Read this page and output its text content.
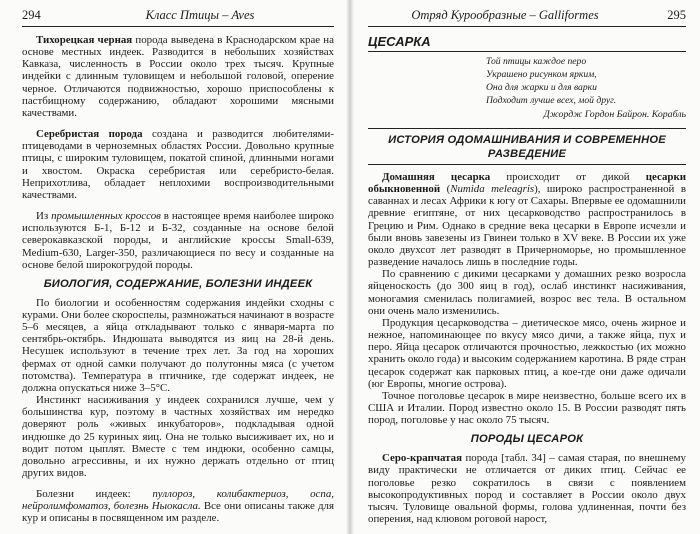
294	Класс Птицы – Aves

Тихорецкая черная порода выведена в Краснодарском крае на основе местных индеек. Разводится в небольших хозяйствах Кавказа, численность в России около трех тысяч. Крупные индейки с длинным туловищем и небольшой головой, оперение черное. Отличаются подвижностью, хорошо приспособлены к пастбищному содержанию, обладают хорошими мясными качествами.

Серебристая порода создана и разводится любителями-птицеводами в черноземных областях России. Довольно крупные птицы, с широким туловищем, покатой спиной, длинными ногами и хвостом. Окраска серебристая или серебристо-белая. Неприхотлива, обладает неплохими воспроизводительными качествами.

Из промышленных кроссов в настоящее время наиболее широко используются Б-1, Б-12 и Б-32, созданные на основе белой северокавказской породы, и английские кроссы Small-639, Medium-630, Larger-350, различающиеся по весу и созданные на основе белой широкогрудой породы.

БИОЛОГИЯ, СОДЕРЖАНИЕ, БОЛЕЗНИ ИНДЕЕК

По биологии и особенностям содержания индейки сходны с курами. Они более скороспелы, размножаться начинают в возрасте 5–6 месяцев, а яйца откладывают только с января-марта по сентябрь-октябрь. Индюшата выводятся из яиц на 28-й день. Несушек используют в течение трех лет. За год на хороших фермах от одной самки получают до полутонны мяса (с учетом потомства). Температура в птичнике, где содержат индеек, не должна опускаться ниже 3–5°С.

Инстинкт насиживания у индеек сохранился лучше, чем у большинства кур, поэтому в частных хозяйствах им нередко доверяют роль «живых инкубаторов», подкладывая одной индюшке до 25 куриных яиц. Она не только высиживает их, но и водит потом цыплят. Вместе с тем индюки, особенно самцы, довольно агрессивны, и их нужно держать отдельно от птиц других видов.

Болезни индеек: пуллороз, колибактериоз, оспа, нейролимфоматоз, болезнь Ныокасла. Все они описаны также для кур и описаны в посвященном им разделе.

Отряд Курообразные – Galliformes	295
ЦЕСАРКА
Той птицы каждое перо
Украшено рисунком ярким,
Она для жарки и для варки
Подходит лучше всех, мой друг.
Джордж Гордон Байрон. Корабль
ИСТОРИЯ ОДОМАШНИВАНИЯ И СОВРЕМЕННОЕ РАЗВЕДЕНИЕ

Домашняя цесарка происходит от дикой цесарки обыкновенной (Numida meleagris), широко распространенной в саваннах и лесах Африки к югу от Сахары. Впервые ее одомашнили древние египтяне, от них цесарководство распространилось в Грецию и Рим. Однако в средние века цесарки в Европе исчезли и были вновь завезены из Гвинеи только в XV веке. В России их уже около двухсот лет разводят в Причерноморье, но промышленное разведение началось лишь в последние годы.

По сравнению с дикими цесарками у домашних резко возросла яйценоскость (до 300 яиц в год), ослаб инстинкт насиживания, моногамия сменилась полигамией, возрос вес тела. В остальном они очень мало изменились.

Продукция цесарководства – диетическое мясо, очень жирное и нежное, напоминающее по вкусу мясо дичи, а также яйца, пух и перо. Яйца цесарок отличаются прочностью, лежкостью (их можно хранить около года) и высоким содержанием каротина. В ряде стран цесарок содержат как парковых птиц, а кое-где они даже одичали (юг Европы, многие острова).

Точное поголовье цесарок в мире неизвестно, больше всего их в США и Италии. Пород известно около 15. В России разводят пять пород, поголовье у нас около 75 тысяч.

ПОРОДЫ ЦЕСАРОК

Серо-крапчатая порода [табл. 34] – самая старая, по внешнему виду практически не отличается от диких птиц. Сейчас ее поголовье резко сократилось в связи с появлением высокопродуктивных пород и составляет в России около двух тысяч. Туловище овальной формы, голова удлиненная, почти без оперения, над клювом роговой нарост,
